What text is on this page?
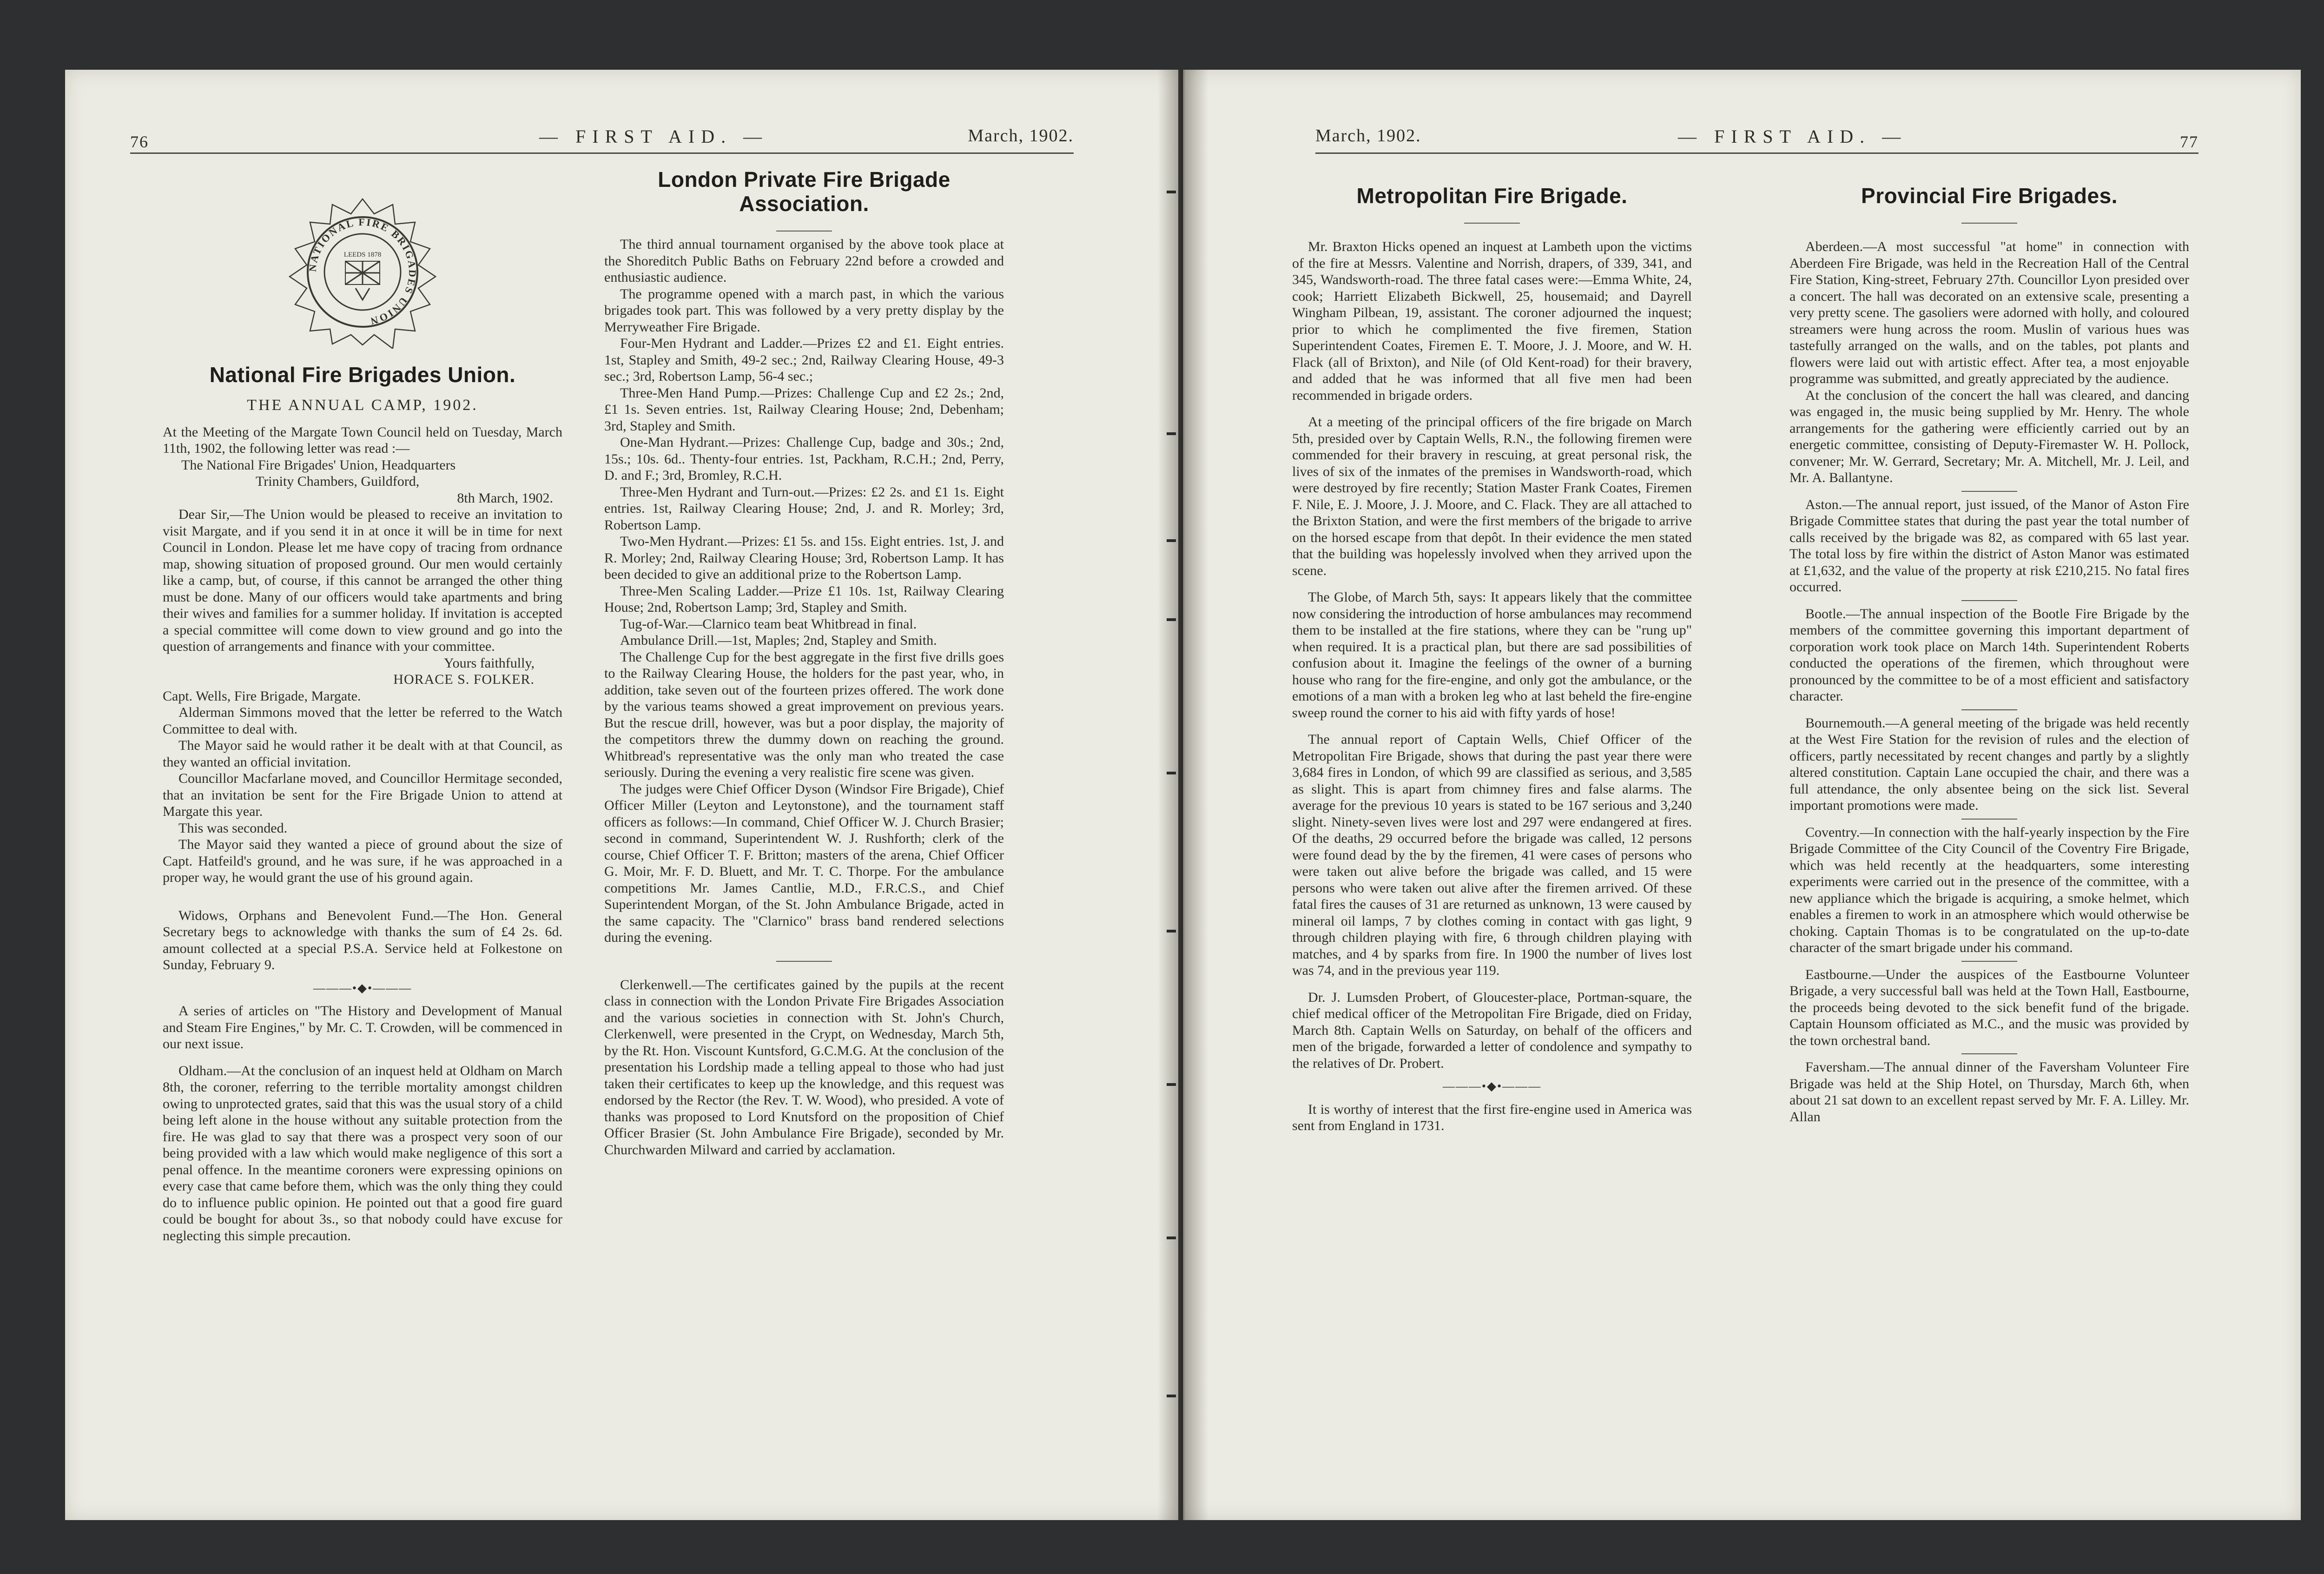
76	— FIRST AID. —	March, 1902.
NATIONAL FIRE BRIGADES UNION
LEEDS 1878
National Fire Brigades Union.
THE ANNUAL CAMP, 1902.

At the Meeting of the Margate Town Council held on Tuesday, March 11th, 1902, the following letter was read :—

The National Fire Brigades' Union, Headquarters

Trinity Chambers, Guildford,

8th March, 1902.

Dear Sir,—The Union would be pleased to receive an invitation to visit Margate, and if you send it in at once it will be in time for next Council in London. Please let me have copy of tracing from ordnance map, showing situation of proposed ground. Our men would certainly like a camp, but, of course, if this cannot be arranged the other thing must be done. Many of our officers would take apartments and bring their wives and families for a summer holiday. If invitation is accepted a special committee will come down to view ground and go into the question of arrangements and finance with your committee.

Yours faithfully,

HORACE S. FOLKER.

Capt. Wells, Fire Brigade, Margate.

Alderman Simmons moved that the letter be referred to the Watch Committee to deal with.

The Mayor said he would rather it be dealt with at that Council, as they wanted an official invitation.

Councillor Macfarlane moved, and Councillor Hermitage seconded, that an invitation be sent for the Fire Brigade Union to attend at Margate this year.

This was seconded.

The Mayor said they wanted a piece of ground about the size of Capt. Hatfeild's ground, and he was sure, if he was approached in a proper way, he would grant the use of his ground again.

Widows, Orphans and Benevolent Fund.—The Hon. General Secretary begs to acknowledge with thanks the sum of £4 2s. 6d. amount collected at a special P.S.A. Service held at Folkestone on Sunday, February 9.

———•◆•———

A series of articles on "The History and Development of Manual and Steam Fire Engines," by Mr. C. T. Crowden, will be commenced in our next issue.

Oldham.—At the conclusion of an inquest held at Oldham on March 8th, the coroner, referring to the terrible mortality amongst children owing to unprotected grates, said that this was the usual story of a child being left alone in the house without any suitable protection from the fire. He was glad to say that there was a prospect very soon of our being provided with a law which would make negligence of this sort a penal offence. In the meantime coroners were expressing opinions on every case that came before them, which was the only thing they could do to influence public opinion. He pointed out that a good fire guard could be bought for about 3s., so that nobody could have excuse for neglecting this simple precaution.

London Private Fire Brigade
Association.

The third annual tournament organised by the above took place at the Shoreditch Public Baths on February 22nd before a crowded and enthusiastic audience.

The programme opened with a march past, in which the various brigades took part. This was followed by a very pretty display by the Merryweather Fire Brigade.

Four-Men Hydrant and Ladder.—Prizes £2 and £1. Eight entries. 1st, Stapley and Smith, 49-2 sec.; 2nd, Railway Clearing House, 49-3 sec.; 3rd, Robertson Lamp, 56-4 sec.;

Three-Men Hand Pump.—Prizes: Challenge Cup and £2 2s.; 2nd, £1 1s. Seven entries. 1st, Railway Clearing House; 2nd, Debenham; 3rd, Stapley and Smith.

One-Man Hydrant.—Prizes: Challenge Cup, badge and 30s.; 2nd, 15s.; 10s. 6d.. Thenty-four entries. 1st, Packham, R.C.H.; 2nd, Perry, D. and F.; 3rd, Bromley, R.C.H.

Three-Men Hydrant and Turn-out.—Prizes: £2 2s. and £1 1s. Eight entries. 1st, Railway Clearing House; 2nd, J. and R. Morley; 3rd, Robertson Lamp.

Two-Men Hydrant.—Prizes: £1 5s. and 15s. Eight entries. 1st, J. and R. Morley; 2nd, Railway Clearing House; 3rd, Robertson Lamp. It has been decided to give an additional prize to the Robertson Lamp.

Three-Men Scaling Ladder.—Prize £1 10s. 1st, Railway Clearing House; 2nd, Robertson Lamp; 3rd, Stapley and Smith.

Tug-of-War.—Clarnico team beat Whitbread in final.

Ambulance Drill.—1st, Maples; 2nd, Stapley and Smith.

The Challenge Cup for the best aggregate in the first five drills goes to the Railway Clearing House, the holders for the past year, who, in addition, take seven out of the fourteen prizes offered. The work done by the various teams showed a great improvement on previous years. But the rescue drill, however, was but a poor display, the majority of the competitors threw the dummy down on reaching the ground. Whitbread's representative was the only man who treated the case seriously. During the evening a very realistic fire scene was given.

The judges were Chief Officer Dyson (Windsor Fire Brigade), Chief Officer Miller (Leyton and Leytonstone), and the tournament staff officers as follows:—In command, Chief Officer W. J. Church Brasier; second in command, Superintendent W. J. Rushforth; clerk of the course, Chief Officer T. F. Britton; masters of the arena, Chief Officer G. Moir, Mr. F. D. Bluett, and Mr. T. C. Thorpe. For the ambulance competitions Mr. James Cantlie, M.D., F.R.C.S., and Chief Superintendent Morgan, of the St. John Ambulance Brigade, acted in the same capacity. The "Clarnico" brass band rendered selections during the evening.

Clerkenwell.—The certificates gained by the pupils at the recent class in connection with the London Private Fire Brigades Association and the various societies in connection with St. John's Church, Clerkenwell, were presented in the Crypt, on Wednesday, March 5th, by the Rt. Hon. Viscount Kuntsford, G.C.M.G. At the conclusion of the presentation his Lordship made a telling appeal to those who had just taken their certificates to keep up the knowledge, and this request was endorsed by the Rector (the Rev. T. W. Wood), who presided. A vote of thanks was proposed to Lord Knutsford on the proposition of Chief Officer Brasier (St. John Ambulance Fire Brigade), seconded by Mr. Churchwarden Milward and carried by acclamation.

March, 1902.	— FIRST AID. —	77
Metropolitan Fire Brigade.

Mr. Braxton Hicks opened an inquest at Lambeth upon the victims of the fire at Messrs. Valentine and Norrish, drapers, of 339, 341, and 345, Wandsworth-road. The three fatal cases were:—Emma White, 24, cook; Harriett Elizabeth Bickwell, 25, housemaid; and Dayrell Wingham Pilbean, 19, assistant. The coroner adjourned the inquest; prior to which he complimented the five firemen, Station Superintendent Coates, Firemen E. T. Moore, J. J. Moore, and W. H. Flack (all of Brixton), and Nile (of Old Kent-road) for their bravery, and added that he was informed that all five men had been recommended in brigade orders.

At a meeting of the principal officers of the fire brigade on March 5th, presided over by Captain Wells, R.N., the following firemen were commended for their bravery in rescuing, at great personal risk, the lives of six of the inmates of the premises in Wandsworth-road, which were destroyed by fire recently; Station Master Frank Coates, Firemen F. Nile, E. J. Moore, J. J. Moore, and C. Flack. They are all attached to the Brixton Station, and were the first members of the brigade to arrive on the horsed escape from that depôt. In their evidence the men stated that the building was hopelessly involved when they arrived upon the scene.

The Globe, of March 5th, says: It appears likely that the committee now considering the introduction of horse ambulances may recommend them to be installed at the fire stations, where they can be "rung up" when required. It is a practical plan, but there are sad possibilities of confusion about it. Imagine the feelings of the owner of a burning house who rang for the fire-engine, and only got the ambulance, or the emotions of a man with a broken leg who at last beheld the fire-engine sweep round the corner to his aid with fifty yards of hose!

The annual report of Captain Wells, Chief Officer of the Metropolitan Fire Brigade, shows that during the past year there were 3,684 fires in London, of which 99 are classified as serious, and 3,585 as slight. This is apart from chimney fires and false alarms. The average for the previous 10 years is stated to be 167 serious and 3,240 slight. Ninety-seven lives were lost and 297 were endangered at fires. Of the deaths, 29 occurred before the brigade was called, 12 persons were found dead by the by the firemen, 41 were cases of persons who were taken out alive before the brigade was called, and 15 were persons who were taken out alive after the firemen arrived. Of these fatal fires the causes of 31 are returned as unknown, 13 were caused by mineral oil lamps, 7 by clothes coming in contact with gas light, 9 through children playing with fire, 6 through children playing with matches, and 4 by sparks from fire. In 1900 the number of lives lost was 74, and in the previous year 119.

Dr. J. Lumsden Probert, of Gloucester-place, Portman-square, the chief medical officer of the Metropolitan Fire Brigade, died on Friday, March 8th. Captain Wells on Saturday, on behalf of the officers and men of the brigade, forwarded a letter of condolence and sympathy to the relatives of Dr. Probert.

———•◆•———

It is worthy of interest that the first fire-engine used in America was sent from England in 1731.

Provincial Fire Brigades.

Aberdeen.—A most successful "at home" in connection with Aberdeen Fire Brigade, was held in the Recreation Hall of the Central Fire Station, King-street, February 27th. Councillor Lyon presided over a concert. The hall was decorated on an extensive scale, presenting a very pretty scene. The gasoliers were adorned with holly, and coloured streamers were hung across the room. Muslin of various hues was tastefully arranged on the walls, and on the tables, pot plants and flowers were laid out with artistic effect. After tea, a most enjoyable programme was submitted, and greatly appreciated by the audience.

At the conclusion of the concert the hall was cleared, and dancing was engaged in, the music being supplied by Mr. Henry. The whole arrangements for the gathering were efficiently carried out by an energetic committee, consisting of Deputy-Firemaster W. H. Pollock, convener; Mr. W. Gerrard, Secretary; Mr. A. Mitchell, Mr. J. Leil, and Mr. A. Ballantyne.

Aston.—The annual report, just issued, of the Manor of Aston Fire Brigade Committee states that during the past year the total number of calls received by the brigade was 82, as compared with 65 last year. The total loss by fire within the district of Aston Manor was estimated at £1,632, and the value of the property at risk £210,215. No fatal fires occurred.

Bootle.—The annual inspection of the Bootle Fire Brigade by the members of the committee governing this important department of corporation work took place on March 14th. Superintendent Roberts conducted the operations of the firemen, which throughout were pronounced by the committee to be of a most efficient and satisfactory character.

Bournemouth.—A general meeting of the brigade was held recently at the West Fire Station for the revision of rules and the election of officers, partly necessitated by recent changes and partly by a slightly altered constitution. Captain Lane occupied the chair, and there was a full attendance, the only absentee being on the sick list. Several important promotions were made.

Coventry.—In connection with the half-yearly inspection by the Fire Brigade Committee of the City Council of the Coventry Fire Brigade, which was held recently at the headquarters, some interesting experiments were carried out in the presence of the committee, with a new appliance which the brigade is acquiring, a smoke helmet, which enables a firemen to work in an atmosphere which would otherwise be choking. Captain Thomas is to be congratulated on the up-to-date character of the smart brigade under his command.

Eastbourne.—Under the auspices of the Eastbourne Volunteer Brigade, a very successful ball was held at the Town Hall, Eastbourne, the proceeds being devoted to the sick benefit fund of the brigade. Captain Hounsom officiated as M.C., and the music was provided by the town orchestral band.

Faversham.—The annual dinner of the Faversham Volunteer Fire Brigade was held at the Ship Hotel, on Thursday, March 6th, when about 21 sat down to an excellent repast served by Mr. F. A. Lilley. Mr. Allan
